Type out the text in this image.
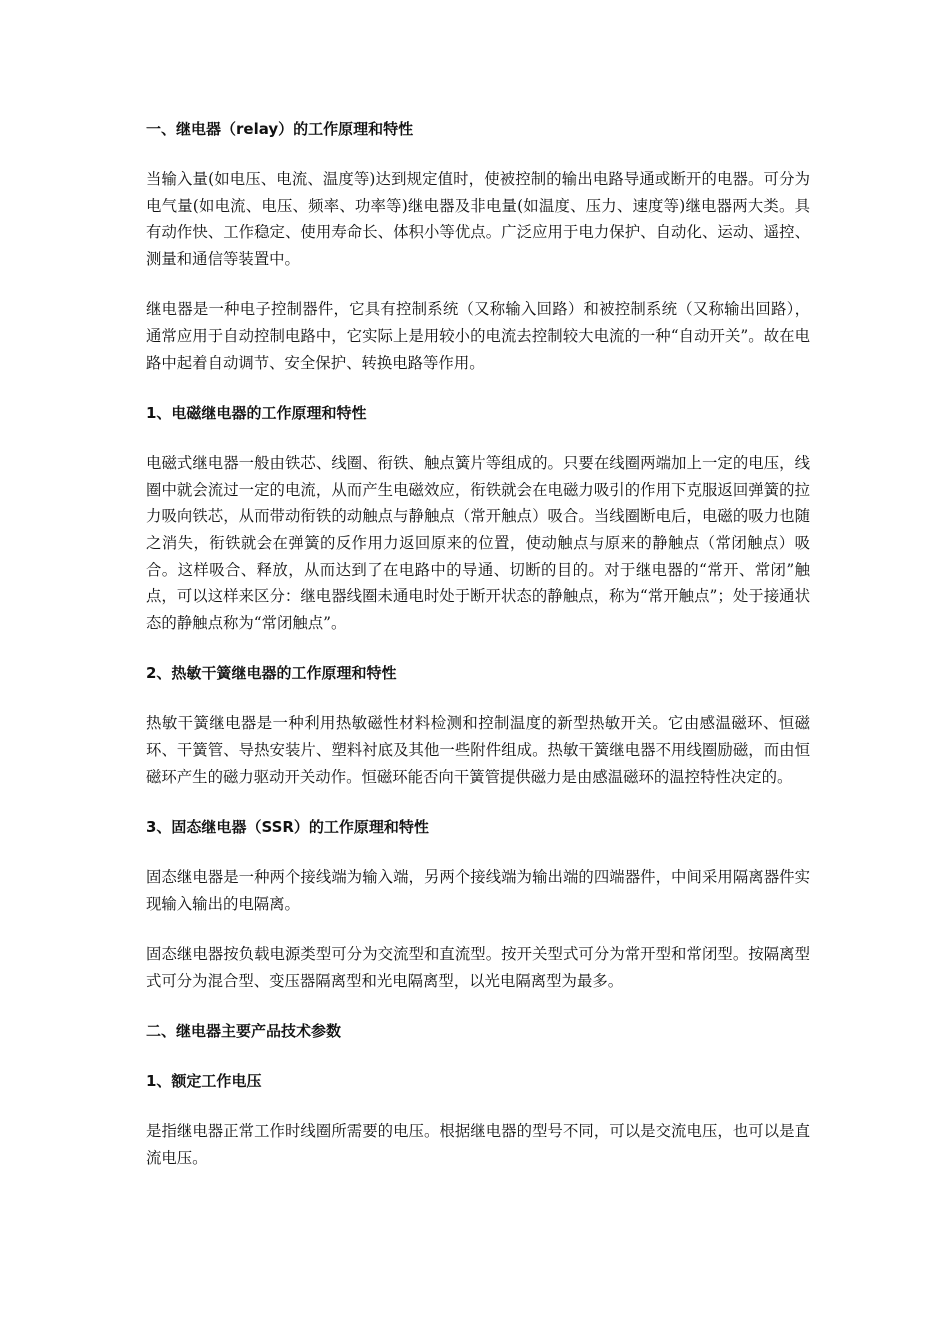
一、继电器（relay）的工作原理和特性

当输入量(如电压、电流、温度等)达到规定值时，使被控制的输出电路导通或断开的电器。可分为电气量(如电流、电压、频率、功率等)继电器及非电量(如温度、压力、速度等)继电器两大类。具有动作快、工作稳定、使用寿命长、体积小等优点。广泛应用于电力保护、自动化、运动、遥控、测量和通信等装置中。

继电器是一种电子控制器件，它具有控制系统（又称输入回路）和被控制系统（又称输出回路），通常应用于自动控制电路中，它实际上是用较小的电流去控制较大电流的一种“自动开关”。故在电路中起着自动调节、安全保护、转换电路等作用。

1、电磁继电器的工作原理和特性

电磁式继电器一般由铁芯、线圈、衔铁、触点簧片等组成的。只要在线圈两端加上一定的电压，线圈中就会流过一定的电流，从而产生电磁效应，衔铁就会在电磁力吸引的作用下克服返回弹簧的拉力吸向铁芯，从而带动衔铁的动触点与静触点（常开触点）吸合。当线圈断电后，电磁的吸力也随之消失，衔铁就会在弹簧的反作用力返回原来的位置，使动触点与原来的静触点（常闭触点）吸合。这样吸合、释放，从而达到了在电路中的导通、切断的目的。对于继电器的“常开、常闭”触点，可以这样来区分：继电器线圈未通电时处于断开状态的静触点，称为“常开触点”；处于接通状态的静触点称为“常闭触点”。

2、热敏干簧继电器的工作原理和特性

热敏干簧继电器是一种利用热敏磁性材料检测和控制温度的新型热敏开关。它由感温磁环、恒磁环、干簧管、导热安装片、塑料衬底及其他一些附件组成。热敏干簧继电器不用线圈励磁，而由恒磁环产生的磁力驱动开关动作。恒磁环能否向干簧管提供磁力是由感温磁环的温控特性决定的。

3、固态继电器（SSR）的工作原理和特性

固态继电器是一种两个接线端为输入端，另两个接线端为输出端的四端器件，中间采用隔离器件实现输入输出的电隔离。

固态继电器按负载电源类型可分为交流型和直流型。按开关型式可分为常开型和常闭型。按隔离型式可分为混合型、变压器隔离型和光电隔离型，以光电隔离型为最多。

二、继电器主要产品技术参数
1、额定工作电压

是指继电器正常工作时线圈所需要的电压。根据继电器的型号不同，可以是交流电压，也可以是直流电压。
